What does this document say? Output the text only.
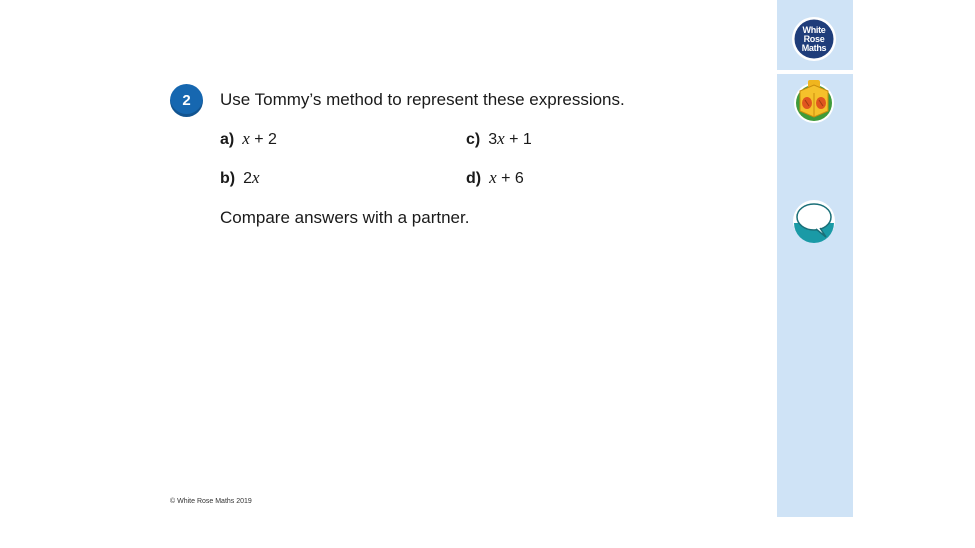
White
Rose
Maths
2 Use Tommy’s method to represent these expressions.
a) x + 2
b) 2x
c) 3x + 1
d) x + 6
Compare answers with a partner.
© White Rose Maths 2019
